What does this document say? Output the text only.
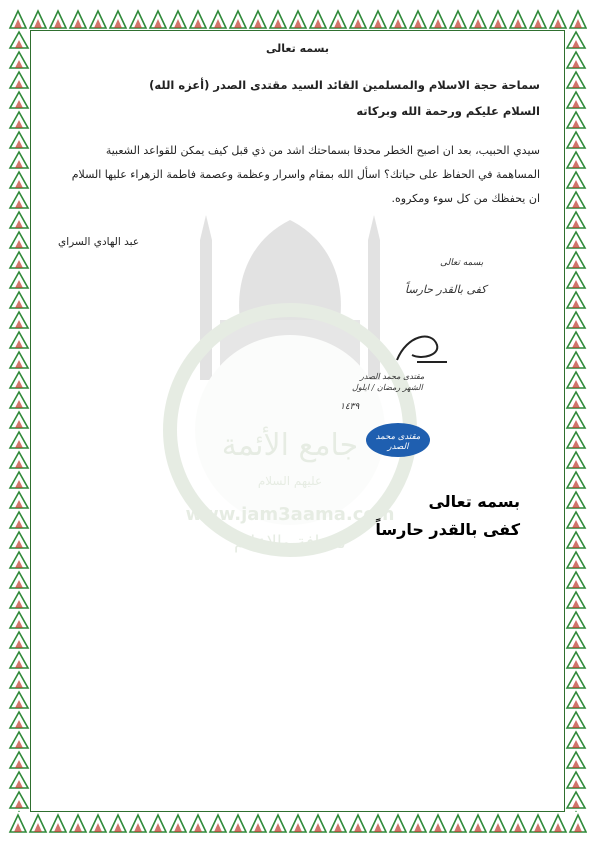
جامع الأئمة
عليهم السلام
www.jam3aama.com
للثقافة والإعلام
بسمه تعالى
سماحة حجة الاسلام والمسلمين القائد السيد مقتدى الصدر (أعزه الله)
السلام عليكم ورحمة الله وبركاته
سيدي الحبيب، بعد ان اصبح الخطر محدقا بسماحتك اشد من ذي قبل كيف يمكن للقواعد الشعبية
المساهمة في الحفاظ على حياتك؟ اسأل الله بمقام واسرار وعظمة وعصمة فاطمة الزهراء عليها السلام
ان يحفظك من كل سوء ومكروه.
عبد الهادي السراي
بسمه تعالى
كفى بالقدر حارساً
مقتدى محمد الصدر
الشهر رمضان / ايلول
١٤٣٩
مقتدى محمد الصدر
بسمه تعالى
كفى بالقدر حارساً
